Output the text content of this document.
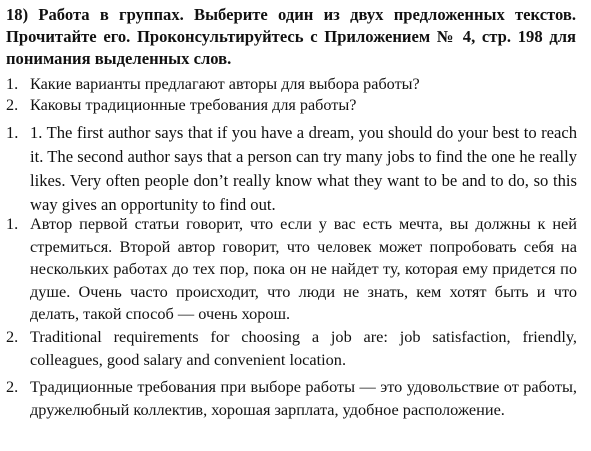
18) Работа в группах. Выберите один из двух предложенных текстов. Прочитайте его. Проконсультируйтесь с Приложением № 4, стр. 198 для понимания выделенных слов.

1. Какие варианты предлагают авторы для выбора работы?

2. Каковы традиционные требования для работы?

1. 1. The first author says that if you have a dream, you should do your best to reach it. The second author says that a person can try many jobs to find the one he really likes. Very often people don’t really know what they want to be and to do, so this way gives an opportunity to find out.
1. Автор первой статьи говорит, что если у вас есть мечта, вы должны к ней стремиться. Второй автор говорит, что человек может попробовать себя на нескольких работах до тех пор, пока он не найдет ту, которая ему придется по душе. Очень часто происходит, что люди не знать, кем хотят быть и что делать, такой способ — очень хорош.
2. Traditional requirements for choosing a job are: job satisfaction, friendly, colleagues, good salary and convenient location.
2. Традиционные требования при выборе работы — это удовольствие от работы, дружелюбный коллектив, хорошая зарплата, удобное расположение.
